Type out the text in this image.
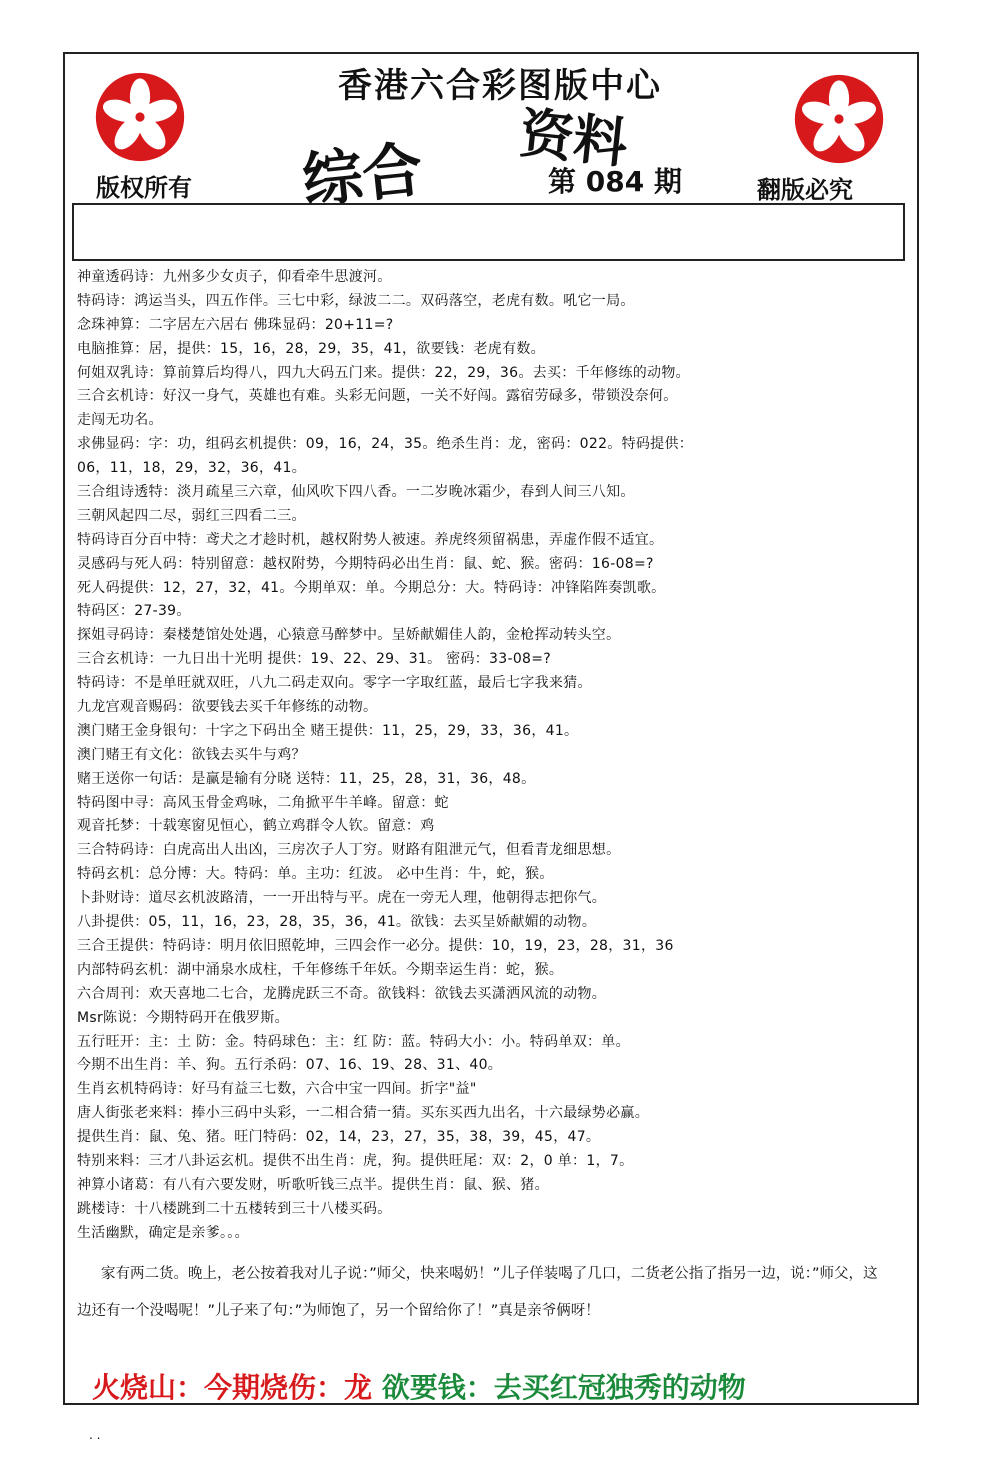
香港六合彩图版中心
综合 资料
第 084 期
版权所有	翻版必究
神童透码诗：九州多少女贞子，仰看牵牛思渡河。
特码诗：鸿运当头，四五作伴。三七中彩，绿波二二。双码落空，老虎有数。吼它一局。
念珠神算：二字居左六居右 佛珠显码：20+11=?
电脑推算：居，提供：15，16，28，29，35，41，欲要钱：老虎有数。
何姐双乳诗：算前算后均得八，四九大码五门来。提供：22，29，36。去买：千年修练的动物。
三合玄机诗：好汉一身气，英雄也有难。头彩无问题，一关不好闯。露宿劳碌多，带锁没奈何。
走闯无功名。
求佛显码：字：功，组码玄机提供：09，16，24，35。绝杀生肖：龙，密码：022。特码提供：
06，11，18，29，32，36，41。
三合组诗透特：淡月疏星三六章，仙风吹下四八香。一二岁晚冰霜少，春到人间三八知。
三朝风起四二尽，弱红三四看二三。
特码诗百分百中特：鸢犬之才趁时机，越权附势人被速。养虎终须留祸患，弄虚作假不适宜。
灵感码与死人码：特别留意：越权附势，今期特码必出生肖：鼠、蛇、猴。密码：16-08=?
死人码提供：12，27，32，41。今期单双：单。今期总分：大。特码诗：冲锋陷阵奏凯歌。
特码区：27-39。
探姐寻码诗：秦楼楚馆处处遇，心猿意马醉梦中。呈娇献媚佳人韵，金枪挥动转头空。
三合玄机诗：一九日出十光明 提供：19、22、29、31。 密码：33-08=?
特码诗：不是单旺就双旺，八九二码走双向。零字一字取红蓝，最后七字我来猜。
九龙宫观音赐码：欲要钱去买千年修练的动物。
澳门赌王金身银句：十字之下码出全 赌王提供：11，25，29，33，36，41。
澳门赌王有文化：欲钱去买牛与鸡？
赌王送你一句话：是赢是输有分晓 送特：11，25，28，31，36，48。
特码图中寻：高风玉骨金鸡咏，二角掀平牛羊峰。留意：蛇
观音托梦：十载寒窗见恒心，鹤立鸡群令人钦。留意：鸡
三合特码诗：白虎高出人出凶，三房次子人丁穷。财路有阻泄元气，但看青龙细思想。
特码玄机：总分博：大。特码：单。主功：红波。 必中生肖：牛，蛇，猴。
卜卦财诗：道尽玄机波路清，一一开出特与平。虎在一旁无人理，他朝得志把你气。
八卦提供：05，11，16，23，28，35，36，41。欲钱：去买呈娇献媚的动物。
三合王提供：特码诗：明月依旧照乾坤，三四会作一必分。提供：10，19，23，28，31，36
内部特码玄机：湖中涌泉水成柱，千年修练千年妖。今期幸运生肖：蛇，猴。
六合周刊：欢天喜地二七合，龙腾虎跃三不奇。欲钱料：欲钱去买潇洒风流的动物。
Msr陈说：今期特码开在俄罗斯。
五行旺开：主：土 防：金。特码球色：主：红 防：蓝。特码大小：小。特码单双：单。
今期不出生肖：羊、狗。五行杀码：07、16、19、28、31、40。
生肖玄机特码诗：好马有益三七数，六合中宝一四间。折字"益"
唐人街张老来料：捧小三码中头彩，一二相合猜一猜。买东买西九出名，十六最绿势必赢。
提供生肖：鼠、兔、猪。旺门特码：02，14，23，27，35，38，39，45，47。
特别来料：三才八卦运玄机。提供不出生肖：虎，狗。提供旺尾：双：2，0 单：1，7。
神算小诸葛：有八有六要发财，听歌听钱三点半。提供生肖：鼠、猴、猪。
跳楼诗：十八楼跳到二十五楼转到三十八楼买码。
生活幽默，确定是亲爹。。。

家有两二货。晚上，老公按着我对儿子说：”师父，快来喝奶！”儿子佯装喝了几口，二货老公指了指另一边，说：”师父，这边还有一个没喝呢！”儿子来了句：”为师饱了，另一个留给你了！”真是亲爷俩呀！

火烧山：今期烧伤：龙 欲要钱：去买红冠独秀的动物
. .
